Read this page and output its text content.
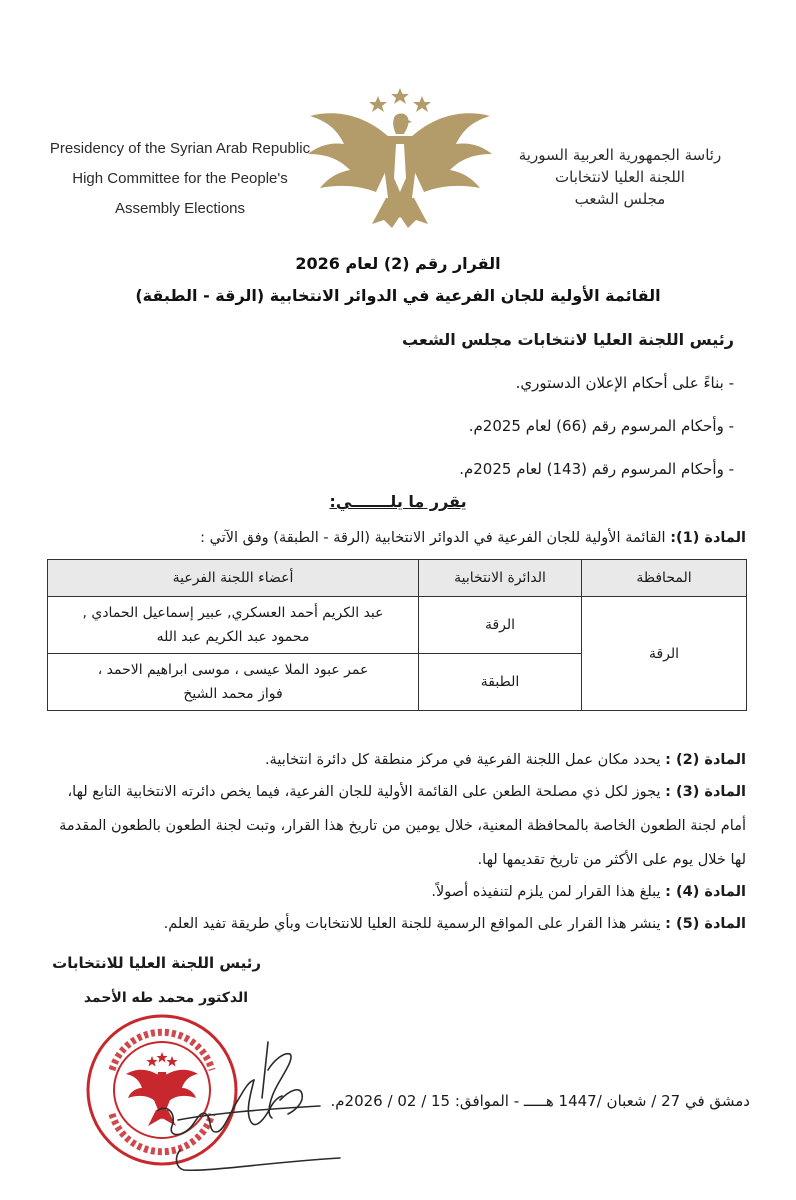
Presidency of the Syrian Arab Republic
High Committee for the People's
Assembly Elections
رئاسة الجمهورية العربية السورية
اللجنة العليا لانتخابات
مجلس الشعب
القرار رقم (2) لعام 2026
القائمة الأولية للجان الفرعية في الدوائر الانتخابية (الرقة - الطبقة)
رئيس اللجنة العليا لانتخابات مجلس الشعب
- بناءً على أحكام الإعلان الدستوري.
- وأحكام المرسوم رقم (66) لعام 2025م.
- وأحكام المرسوم رقم (143) لعام 2025م.
يقرر ما يلـــــــي:
المادة (1): القائمة الأولية للجان الفرعية في الدوائر الانتخابية (الرقة - الطبقة) وفق الآتي :
المحافظة	الدائرة الانتخابية	أعضاء اللجنة الفرعية
الرقة	الرقة	عبد الكريم أحمد العسكري, عبير إسماعيل الحمادي ,
محمود عبد الكريم عبد الله

	الطبقة	عمر عبود الملا عيسى ، موسى ابراهيم الاحمد ،
فواز محمد الشيخ
المادة (2) : يحدد مكان عمل اللجنة الفرعية في مركز منطقة كل دائرة انتخابية.
المادة (3) : يجوز لكل ذي مصلحة الطعن على القائمة الأولية للجان الفرعية، فيما يخص دائرته الانتخابية التابع لها،
أمام لجنة الطعون الخاصة بالمحافظة المعنية، خلال يومين من تاريخ هذا القرار، وتبت لجنة الطعون بالطعون المقدمة
لها خلال يوم على الأكثر من تاريخ تقديمها لها.
المادة (4) : يبلغ هذا القرار لمن يلزم لتنفيذه أصولاً.
المادة (5) : ينشر هذا القرار على المواقع الرسمية للجنة العليا للانتخابات وبأي طريقة تفيد العلم.
رئيس اللجنة العليا للانتخابات
الدكتور محمد طه الأحمد
دمشق في 27 / شعبان /1447 هـــــ - الموافق: 15 / 02 / 2026م.
